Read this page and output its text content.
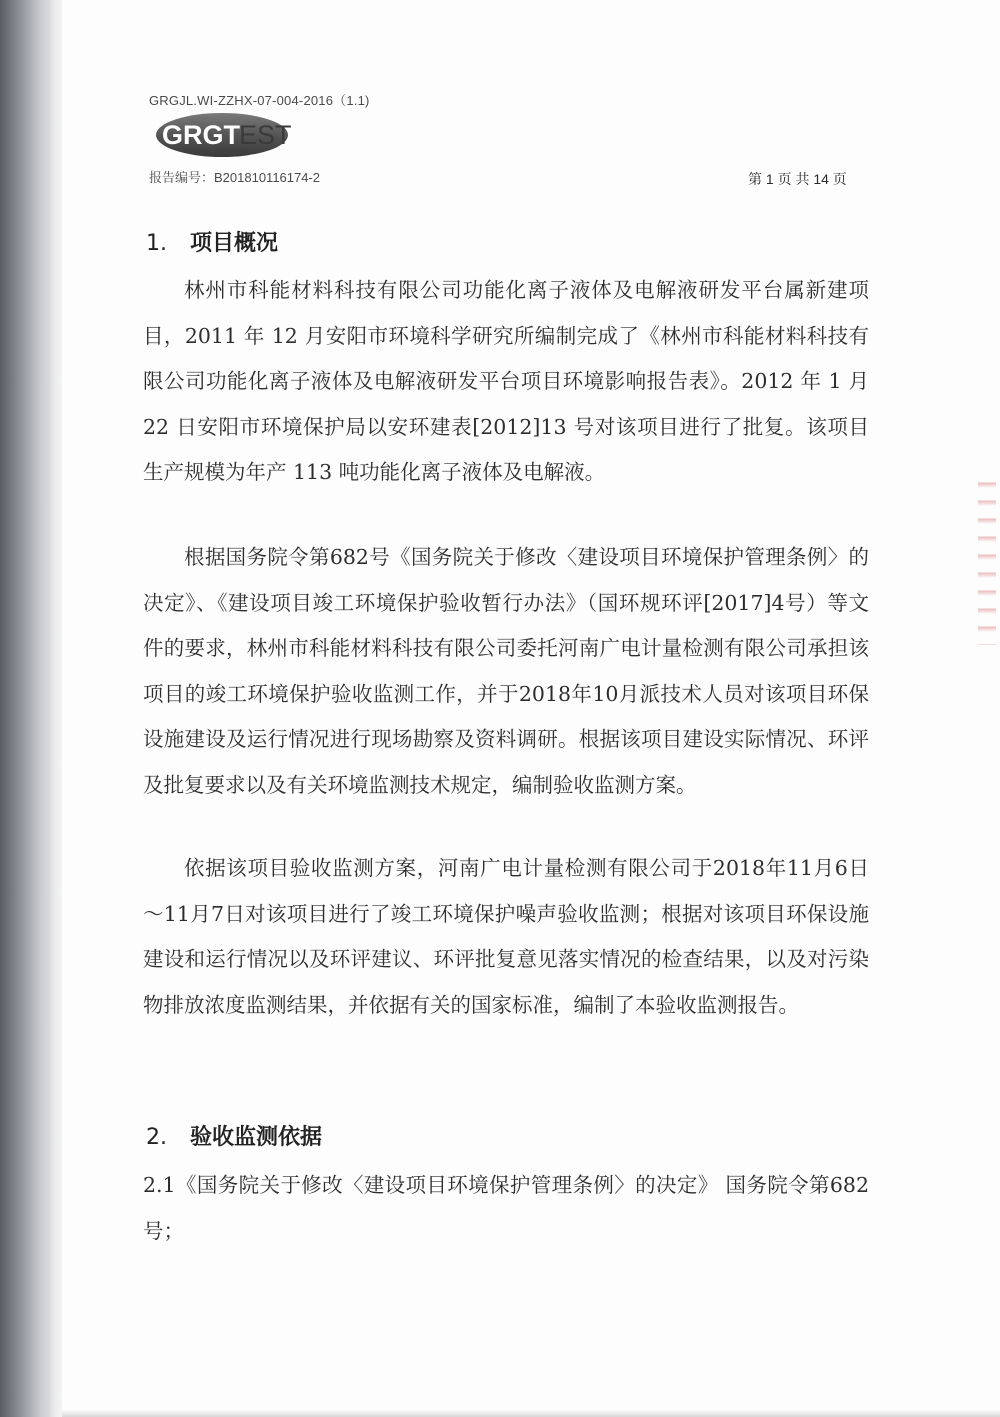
GRGJL.WI-ZZHX-07-004-2016（1.1)
GRGT EST
报告编号：B201810116174-2	第 1 页 共 14 页
1. 项目概况

林州市科能材料科技有限公司功能化离子液体及电解液研发平台属新建项目，2011 年 12 月安阳市环境科学研究所编制完成了《林州市科能材料科技有限公司功能化离子液体及电解液研发平台项目环境影响报告表》。2012 年 1 月 22 日安阳市环境保护局以安环建表[2012]13 号对该项目进行了批复。该项目生产规模为年产 113 吨功能化离子液体及电解液。

根据国务院令第682号《国务院关于修改〈建设项目环境保护管理条例〉的决定》、《建设项目竣工环境保护验收暂行办法》（国环规环评[2017]4号）等文件的要求，林州市科能材料科技有限公司委托河南广电计量检测有限公司承担该项目的竣工环境保护验收监测工作，并于2018年10月派技术人员对该项目环保设施建设及运行情况进行现场勘察及资料调研。根据该项目建设实际情况、环评及批复要求以及有关环境监测技术规定，编制验收监测方案。

依据该项目验收监测方案，河南广电计量检测有限公司于2018年11月6日～11月7日对该项目进行了竣工环境保护噪声验收监测；根据对该项目环保设施建设和运行情况以及环评建议、环评批复意见落实情况的检查结果，以及对污染物排放浓度监测结果，并依据有关的国家标准，编制了本验收监测报告。

2. 验收监测依据

2.1《国务院关于修改〈建设项目环境保护管理条例〉的决定》 国务院令第682号；
